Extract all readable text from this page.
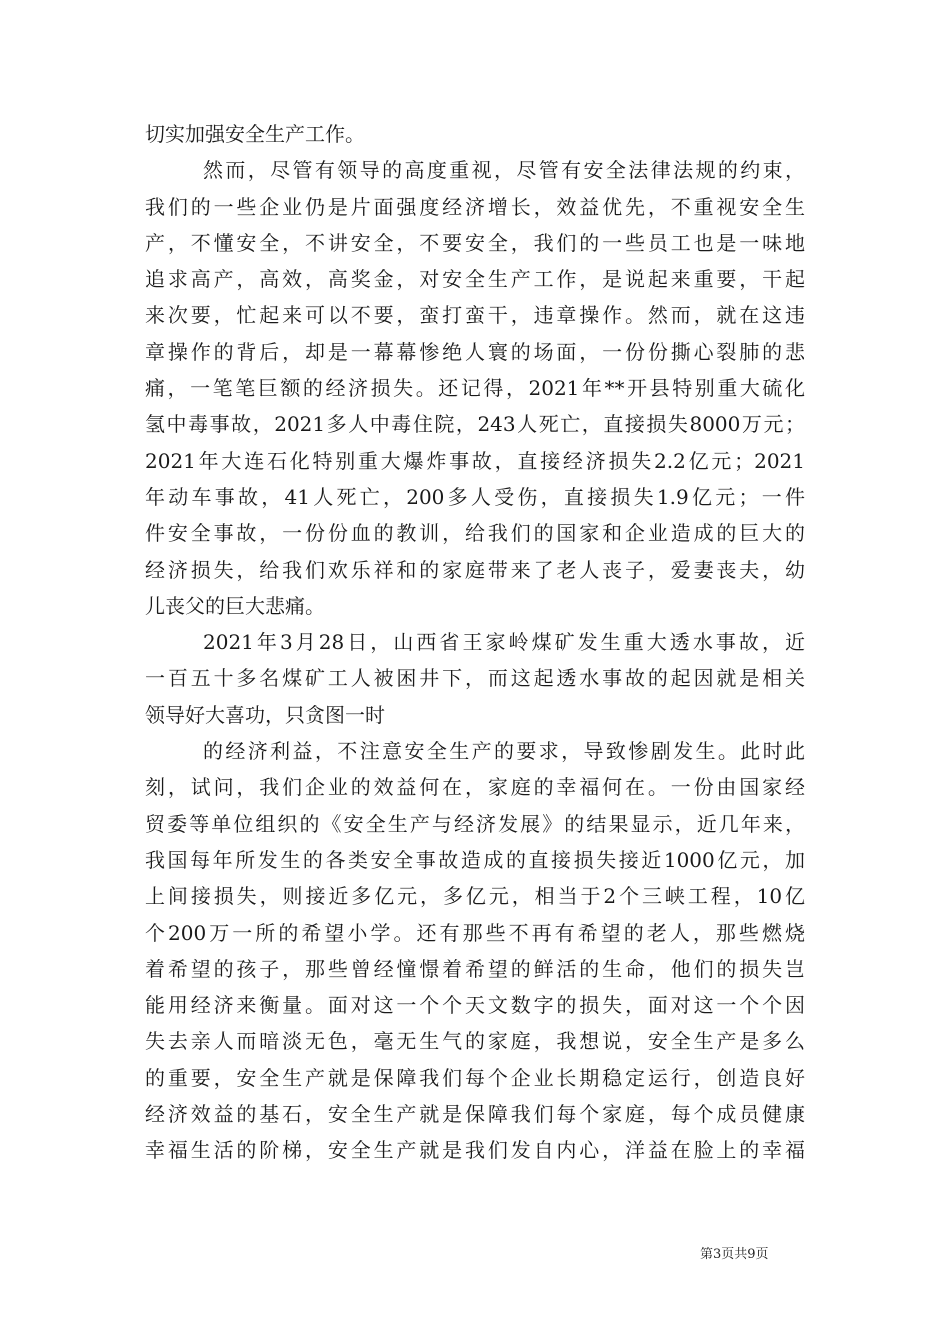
切实加强安全生产工作。
然而，尽管有领导的高度重视，尽管有安全法律法规的约束，
我们的一些企业仍是片面强度经济增长，效益优先，不重视安全生
产，不懂安全，不讲安全，不要安全，我们的一些员工也是一味地
追求高产，高效，高奖金，对安全生产工作，是说起来重要，干起
来次要，忙起来可以不要，蛮打蛮干，违章操作。然而，就在这违
章操作的背后，却是一幕幕惨绝人寰的场面，一份份撕心裂肺的悲
痛，一笔笔巨额的经济损失。还记得，2021年**开县特别重大硫化
氢中毒事故，2021多人中毒住院，243人死亡，直接损失8000万元；
2021年大连石化特别重大爆炸事故，直接经济损失2.2亿元；2021
年动车事故，41人死亡，200多人受伤，直接损失1.9亿元；一件
件安全事故，一份份血的教训，给我们的国家和企业造成的巨大的
经济损失，给我们欢乐祥和的家庭带来了老人丧子，爱妻丧夫，幼
儿丧父的巨大悲痛。
2021年3月28日，山西省王家岭煤矿发生重大透水事故，近
一百五十多名煤矿工人被困井下，而这起透水事故的起因就是相关
领导好大喜功，只贪图一时
的经济利益，不注意安全生产的要求，导致惨剧发生。此时此
刻，试问，我们企业的效益何在，家庭的幸福何在。一份由国家经
贸委等单位组织的《安全生产与经济发展》的结果显示，近几年来，
我国每年所发生的各类安全事故造成的直接损失接近1000亿元，加
上间接损失，则接近多亿元，多亿元，相当于2个三峡工程，10亿
个200万一所的希望小学。还有那些不再有希望的老人，那些燃烧
着希望的孩子，那些曾经憧憬着希望的鲜活的生命，他们的损失岂
能用经济来衡量。面对这一个个天文数字的损失，面对这一个个因
失去亲人而暗淡无色，毫无生气的家庭，我想说，安全生产是多么
的重要，安全生产就是保障我们每个企业长期稳定运行，创造良好
经济效益的基石，安全生产就是保障我们每个家庭，每个成员健康
幸福生活的阶梯，安全生产就是我们发自内心，洋益在脸上的幸福
第3页共9页
